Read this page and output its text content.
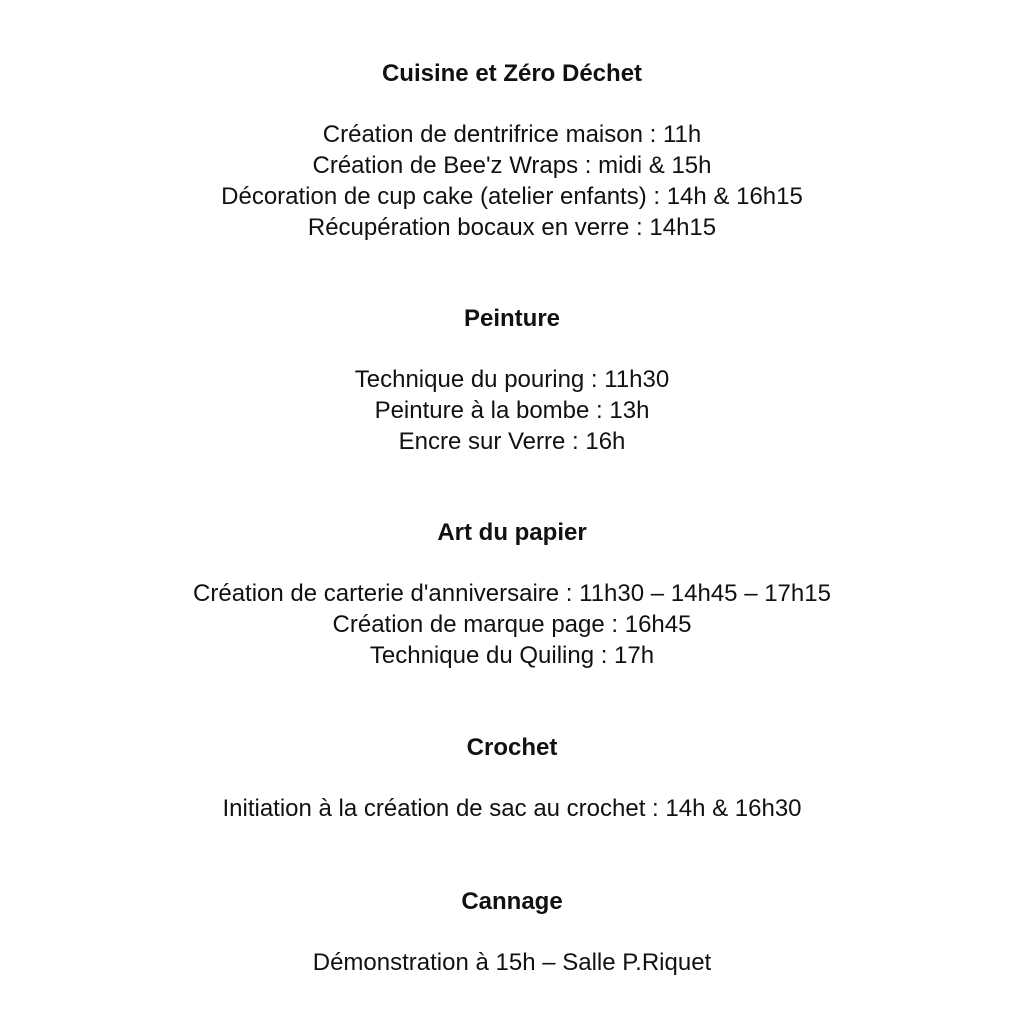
Cuisine et Zéro Déchet
Création de dentrifrice maison : 11h
Création de Bee'z Wraps : midi & 15h
Décoration de cup cake (atelier enfants) : 14h & 16h15
Récupération bocaux en verre : 14h15
Peinture
Technique du pouring : 11h30
Peinture à la bombe : 13h
Encre sur Verre : 16h
Art du papier
Création de carterie d'anniversaire : 11h30 – 14h45 – 17h15
Création de marque page : 16h45
Technique du Quiling : 17h
Crochet
Initiation à la création de sac au crochet : 14h & 16h30
Cannage
Démonstration à 15h – Salle P.Riquet
